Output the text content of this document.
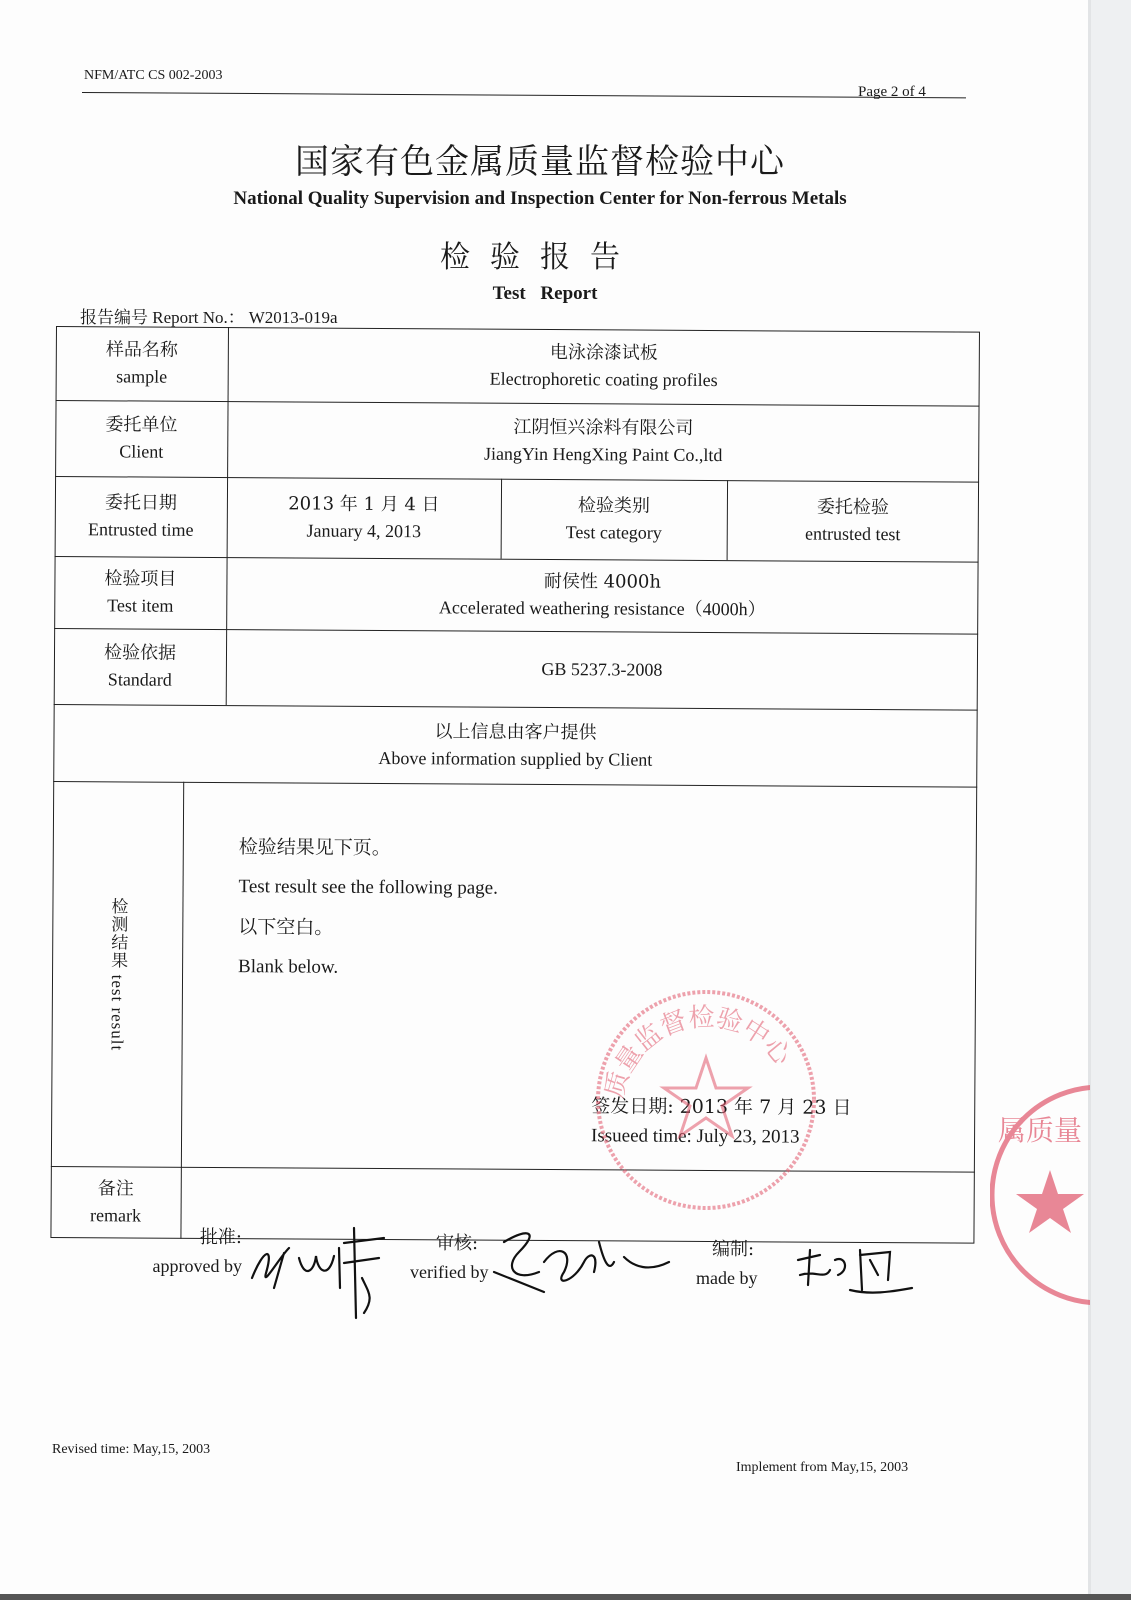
NFM/ATC CS 002-2003
Page 2 of 4
国家有色金属质量监督检验中心
National Quality Supervision and Inspection Center for Non-ferrous Metals
检验报告
Test Report
报告编号 Report No.： W2013-019a
样品名称
sample
电泳涂漆试板
Electrophoretic coating profiles
委托单位
Client
江阴恒兴涂料有限公司
JiangYin HengXing Paint Co.,ltd
委托日期
Entrusted time
2013 年 1 月 4 日
January 4, 2013
检验类别
Test category
委托检验
entrusted test
检验项目
Test item
耐侯性 4000h
Accelerated weathering resistance（4000h）
检验依据
Standard	GB 5237.3-2008
以上信息由客户提供
Above information supplied by Client
检测结果 test result
检验结果见下页。
Test result see the following page.
以下空白。
Blank below.
签发日期: 2013 年 7 月 23 日
Issueed time: July 23, 2013
备注
remark
质量监督检验中心
属质量
批准:
approved by
审核:
verified by
编制:
made by
Revised time: May,15, 2003
Implement from May,15, 2003
